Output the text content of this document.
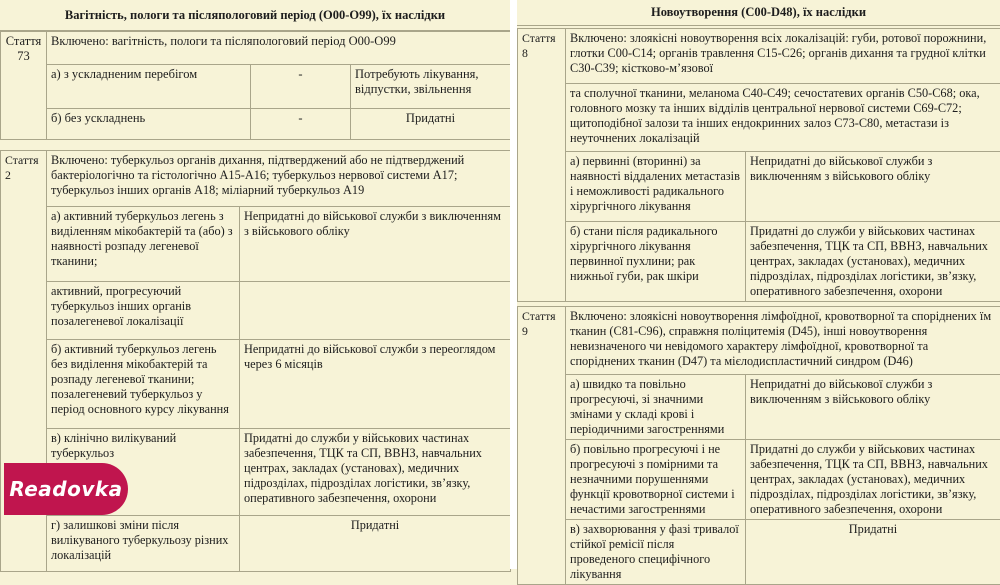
Вагітність, пологи та післяпологовий період (O00-O99), їх наслідки
Стаття 73	Включено: вагітність, пологи та післяпологовий період O00-O99		
	а) з ускладненим перебігом	-	Потребують лікування, відпустки, звільнення
	б) без ускладнень	-	Придатні
Стаття 2	Включено: туберкульоз органів дихання, підтверджений або не підтверджений бактеріологічно та гістологічно A15-A16; туберкульоз нервової системи A17; туберкульоз інших органів A18; міліарний туберкульоз A19	
	а) активний туберкульоз легень з виділенням мікобактерій та (або) з наявності розпаду легеневої тканини;	Непридатні до військової служби з виключенням з військового обліку
	активний, прогресуючий туберкульоз інших органів позалегеневої локалізації	
	б) активний туберкульоз легень без виділення мікобактерій та розпаду легеневої тканини; позалегеневий туберкульоз у період основного курсу лікування	Непридатні до військової служби з переоглядом через 6 місяців
	в) клінічно вилікуваний туберкульоз	Придатні до служби у військових частинах забезпечення, ТЦК та СП, ВВНЗ, навчальних центрах, закладах (установах), медичних підрозділах, підрозділах логістики, зв’язку, оперативного забезпечення, охорони
	г) залишкові зміни після вилікуваного туберкульозу різних локалізацій	Придатні
Новоутворення (C00-D48), їх наслідки
Стаття 8	Включено: злоякісні новоутворення всіх локалізацій: губи, ротової порожнини, глотки C00-C14; органів травлення C15-C26; органів дихання та грудної клітки C30-C39; кістково-м’язової	
	та сполучної тканини, меланома C40-C49; сечостатевих органів C50-C68; ока, головного мозку та інших відділів центральної нервової системи C69-C72; щитоподібної залози та інших ендокринних залоз C73-C80, метастази із неуточнених локалізацій	
	а) первинні (вторинні) за наявності віддалених метастазів і неможливості радикального хірургічного лікування	Непридатні до військової служби з виключенням з військового обліку
	б) стани після радикального хірургічного лікування первинної пухлини; рак нижньої губи, рак шкіри	Придатні до служби у військових частинах забезпечення, ТЦК та СП, ВВНЗ, навчальних центрах, закладах (установах), медичних підрозділах, підрозділах логістики, зв’язку, оперативного забезпечення, охорони
Стаття 9	Включено: злоякісні новоутворення лімфоїдної, кровотворної та споріднених їм тканин (C81-C96), справжня поліцитемія (D45), інші новоутворення невизначеного чи невідомого характеру лімфоїдної, кровотворної та споріднених тканин (D47) та мієлодиспластичний синдром (D46)	
	а) швидко та повільно прогресуючі, зі значними змінами у складі крові і періодичними загостреннями	Непридатні до військової служби з виключенням з військового обліку
	б) повільно прогресуючі і не прогресуючі з помірними та незначними порушеннями функції кровотворної системи і нечастими загостреннями	Придатні до служби у військових частинах забезпечення, ТЦК та СП, ВВНЗ, навчальних центрах, закладах (установах), медичних підрозділах, підрозділах логістики, зв’язку, оперативного забезпечення, охорони
	в) захворювання у фазі тривалої стійкої ремісії після проведеного специфічного лікування	Придатні
Readovka
